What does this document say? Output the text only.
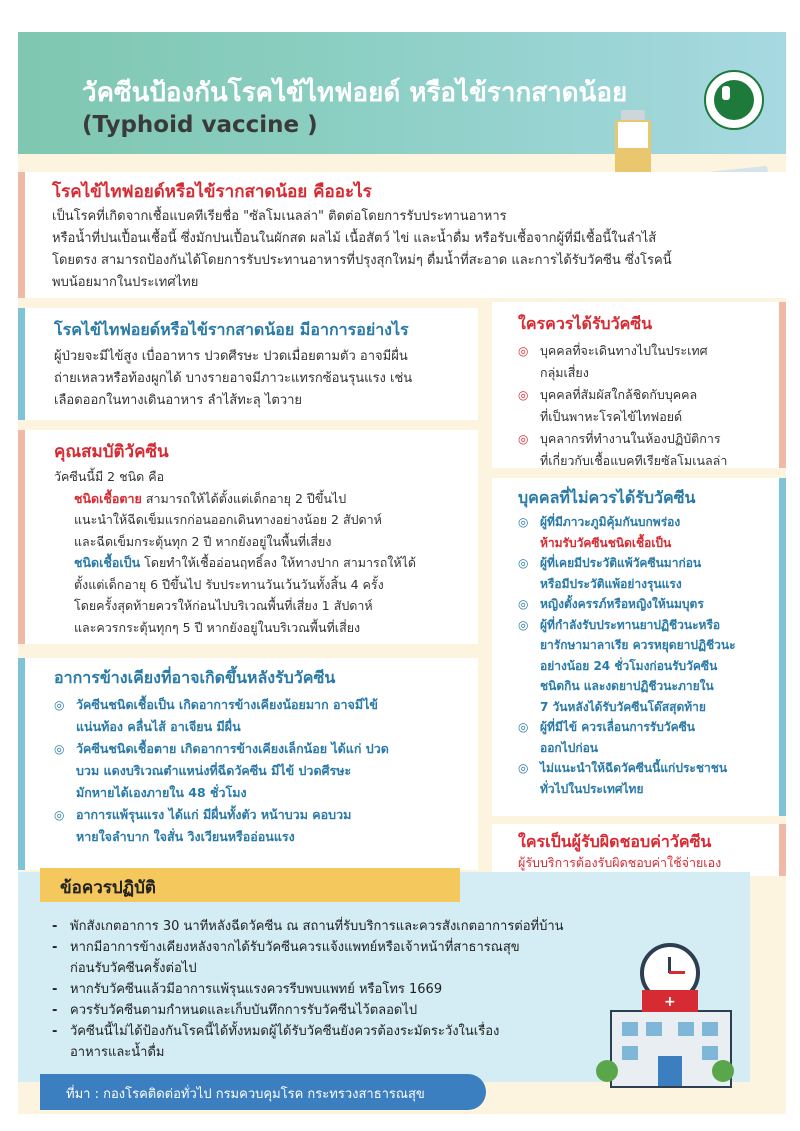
วัคซีนป้องกันโรคไข้ไทฟอยด์ หรือไข้รากสาดน้อย
(Typhoid vaccine )
โรคไข้ไทฟอยด์หรือไข้รากสาดน้อย คืออะไร
เป็นโรคที่เกิดจากเชื้อแบคทีเรียชื่อ "ซัลโมเนลล่า" ติดต่อโดยการรับประทานอาหาร
หรือน้ำที่ปนเปื้อนเชื้อนี้ ซึ่งมักปนเปื้อนในผักสด ผลไม้ เนื้อสัตว์ ไข่ และน้ำดื่ม หรือรับเชื้อจากผู้ที่มีเชื้อนี้ในลำไส้
โดยตรง สามารถป้องกันได้โดยการรับประทานอาหารที่ปรุงสุกใหม่ๆ ดื่มน้ำที่สะอาด และการได้รับวัคซีน ซึ่งโรคนี้
พบน้อยมากในประเทศไทย
โรคไข้ไทฟอยด์หรือไข้รากสาดน้อย มีอาการอย่างไร
ผู้ป่วยจะมีไข้สูง เบื่ออาหาร ปวดศีรษะ ปวดเมื่อยตามตัว อาจมีผื่น
ถ่ายเหลวหรือท้องผูกได้ บางรายอาจมีภาวะแทรกซ้อนรุนแรง เช่น
เลือดออกในทางเดินอาหาร ลำไส้ทะลุ ไตวาย
คุณสมบัติวัคซีน
วัคซีนนี้มี 2 ชนิด คือ
ชนิดเชื้อตาย สามารถให้ได้ตั้งแต่เด็กอายุ 2 ปีขึ้นไป
แนะนำให้ฉีดเข็มแรกก่อนออกเดินทางอย่างน้อย 2 สัปดาห์
และฉีดเข็มกระตุ้นทุก 2 ปี หากยังอยู่ในพื้นที่เสี่ยง
ชนิดเชื้อเป็น โดยทำให้เชื้ออ่อนฤทธิ์ลง ให้ทางปาก สามารถให้ได้
ตั้งแต่เด็กอายุ 6 ปีขึ้นไป รับประทานวันเว้นวันทั้งสิ้น 4 ครั้ง
โดยครั้งสุดท้ายควรให้ก่อนไปบริเวณพื้นที่เสี่ยง 1 สัปดาห์
และควรกระตุ้นทุกๆ 5 ปี หากยังอยู่ในบริเวณพื้นที่เสี่ยง
อาการข้างเคียงที่อาจเกิดขึ้นหลังรับวัคซีน
◎ วัคซีนชนิดเชื้อเป็น เกิดอาการข้างเคียงน้อยมาก อาจมีไข้
แน่นท้อง คลื่นไส้ อาเจียน มีผื่น
◎ วัคซีนชนิดเชื้อตาย เกิดอาการข้างเคียงเล็กน้อย ได้แก่ ปวด
บวม แดงบริเวณตำแหน่งที่ฉีดวัคซีน มีไข้ ปวดศีรษะ
มักหายได้เองภายใน 48 ชั่วโมง
◎ อาการแพ้รุนแรง ได้แก่ มีผื่นทั้งตัว หน้าบวม คอบวม
หายใจลำบาก ใจสั่น วิงเวียนหรืออ่อนแรง
ใครควรได้รับวัคซีน
◎ บุคคลที่จะเดินทางไปในประเทศ
กลุ่มเสี่ยง
◎ บุคคลที่สัมผัสใกล้ชิดกับบุคคล
ที่เป็นพาหะโรคไข้ไทฟอยด์
◎ บุคลากรที่ทำงานในห้องปฏิบัติการ
ที่เกี่ยวกับเชื้อแบคทีเรียซัลโมเนลล่า
บุคคลที่ไม่ควรได้รับวัคซีน
◎ ผู้ที่มีภาวะภูมิคุ้มกันบกพร่อง
ห้ามรับวัคซีนชนิดเชื้อเป็น
◎ ผู้ที่เคยมีประวัติแพ้วัคซีนมาก่อน
หรือมีประวัติแพ้อย่างรุนแรง
◎ หญิงตั้งครรภ์หรือหญิงให้นมบุตร
◎ ผู้ที่กำลังรับประทานยาปฏิชีวนะหรือ
ยารักษามาลาเรีย ควรหยุดยาปฏิชีวนะ
อย่างน้อย 24 ชั่วโมงก่อนรับวัคซีน
ชนิดกิน และงดยาปฏิชีวนะภายใน
7 วันหลังได้รับวัคซีนโด๊สสุดท้าย
◎ ผู้ที่มีไข้ ควรเลื่อนการรับวัคซีน
ออกไปก่อน
◎ ไม่แนะนำให้ฉีดวัคซีนนี้แก่ประชาชน
ทั่วไปในประเทศไทย
ใครเป็นผู้รับผิดชอบค่าวัคซีน
ผู้รับบริการต้องรับผิดชอบค่าใช้จ่ายเอง
ข้อควรปฏิบัติ
- พักสังเกตอาการ 30 นาทีหลังฉีดวัคซีน ณ สถานที่รับบริการและควรสังเกตอาการต่อที่บ้าน
- หากมีอาการข้างเคียงหลังจากได้รับวัคซีนควรแจ้งแพทย์หรือเจ้าหน้าที่สาธารณสุข
ก่อนรับวัคซีนครั้งต่อไป
- หากรับวัคซีนแล้วมีอาการแพ้รุนแรงควรรีบพบแพทย์ หรือโทร 1669
- ควรรับวัคซีนตามกำหนดและเก็บบันทึกการรับวัคซีนไว้ตลอดไป
- วัคซีนนี้ไม่ได้ป้องกันโรคนี้ได้ทั้งหมดผู้ได้รับวัคซีนยังควรต้องระมัดระวังในเรื่อง
อาหารและน้ำดื่ม
+
ที่มา : กองโรคติดต่อทั่วไป กรมควบคุมโรค กระทรวงสาธารณสุข
